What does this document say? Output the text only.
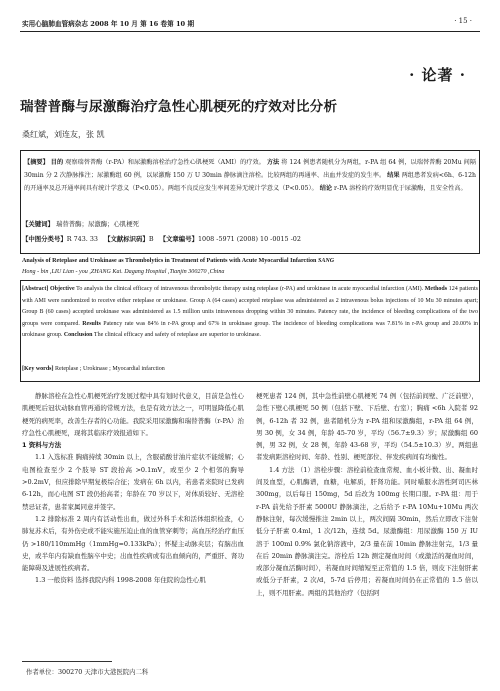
实用心脑肺血管病杂志 2008 年 10 月 第 16 卷第 10 期	· 15 ·
· 论著 ·
瑞替普酶与尿激酶治疗急性心肌梗死的疗效对比分析
桑红斌，刘连友，张 凯
【摘要】 目的 观察瑞替普酶（r-PA）和尿激酶溶栓治疗急性心肌梗死（AMI）的疗效。 方法 将 124 例患者随机分为两组，r-PA 组 64 例，以瑞替普酶 20Mu 间隔 30min 分 2 次静脉推注；尿激酶组 60 例，以尿激酶 150 万 U 30min 静脉滴注溶栓。比较两组的再通率、出血并发症的发生率。 结果 两组患者发病<6h、6-12h 的开通率及总开通率间具有统计学意义（P<0.05）。两组不良反应发生率间差异无统计学意义（P<0.05）。 结论 r-PA 溶栓的疗效明显优于尿激酶，且安全性高。
【关键词】 瑞替普酶；尿激酶；心肌梗死
【中图分类号】R 743. 33 【文献标识码】B 【文章编号】1008 -5971 (2008) 10 -0015 -02
Analysis of Reteplase and Urokinase as Thrombolytics in Treatment of Patients with Acute Myocardial Infarction SANG
Hong - bin ,LIU Lian - you ,ZHANG Kai. Dagang Hospital ,Tianjin 300270 ,China
[Abstract] Objective To analysis the clinical efficacy of intravenous thrombolytic therapy using reteplase (r-PA) and urokinase in acute myocardial infarction (AMI). Methods 124 patients with AMI were randomized to receive either reteplase or urokinase. Group A (64 cases) accepted reteplase was administered as 2 intravenous bolus injections of 10 Mu 30 minutes apart; Group B (60 cases) accepted urokinase was administered as 1.5 million units intravenous dropping within 30 minutes. Patency rate, the incidence of bleeding complications of the two groups were compared. Results Patency rate was 84% in r-PA group and 67% in urokinase group. The incidence of bleeding complications was 7.81% in r-PA group and 20.00% in urokinase group. Conclusion The clinical efficacy and safety of reteplase are superior to urokinase.
[Key words] Reteplase ; Urokinase ; Myocardial infarction

静脉溶栓在急性心肌梗死治疗发展过程中具有划时代意义，目前是急性心肌梗死后冠状动脉血管再通的常规方法，也是有效方法之一，可明显降低心肌梗死的病死率，改善生存者的心功能。我院采用尿激酶和瑞替普酶（r-PA）治疗急性心肌梗死，现将其临床疗效报道如下。

1 资料与方法

1.1 入选标准 胸痛持续 30min 以上，含服硝酸甘油片症状不能缓解；心电图检查至少 2 个肢导 ST 段抬高 >0.1mV，或至少 2 个相邻的胸导 >0.2mV，但应排除早期复极综合征；发病在 6h 以内，若患者来院时已发病 6-12h，而心电图 ST 段仍抬高者；年龄在 70 岁以下，对体质较好、无溶栓禁忌证者，患者家属同意并签字。

1.2 排除标准 2 周内有活动性出血，做过外科手术和活体组织检查，心肺复苏术后，有外伤史或不能实施压迫止血的血管穿刺等；高血压经治疗血压仍 >180/110mmHg（1mmHg=0.133kPa）；怀疑主动脉夹层；有脑出血史，或半年内有缺血性脑卒中史；出血性疾病或有出血倾向的，严重肝、肾功能障碍及进展性疾病者。

1.3 一般资料 选择我院内科 1998-2008 年住院的急性心肌

梗死患者 124 例，其中急性前壁心肌梗死 74 例（包括前间壁、广泛前壁），急性下壁心肌梗死 50 例（包括下壁、下后壁、右室）；胸痛 <6h 入院者 92 例，6-12h 者 32 例，患者随机分为 r-PA 组和尿激酶组，r-PA 组 64 例，男 30 例，女 34 例，年龄 45-70 岁，平均（56.7±9.3）岁；尿激酶组 60 例，男 32 例，女 28 例，年龄 43-68 岁，平均（54.5±10.3）岁。两组患者发病距溶栓时间、年龄、性别、梗死部位、伴发疾病间有均衡性。

1.4 方法 （1）溶栓步骤：溶栓前检查血常规、血小板计数、出、凝血时间及血型，心肌酶谱，血糖，电解质，肝肾功能。同时嚼服水溶性阿司匹林 300mg，以后每日 150mg，5d 后改为 100mg 长期口服。r-PA 组：用于 r-PA 前先给予肝素 5000U 静脉滴注，之后给予 r-PA 10Mu+10Mu 两次静脉注射，每次缓慢推注 2min 以上，两次间隔 30min，然后立即改下注射低分子肝素 0.4ml，1 次/12h，连续 5d。尿激酶组：用尿激酶 150 万 IU 溶于 100ml 0.9% 氯化钠溶液中，2/3 量在前 10min 静脉注射完，1/3 量在后 20min 静脉滴注完。溶栓后 12h 测定凝血时间（或激活的凝血时间，或部分凝血活酶时间），若凝血时间缩短至正常值的 1.5 倍，则皮下注射肝素或低分子肝素，2 次/d，5-7d 后停用；若凝血时间仍在正常值的 1.5 倍以上，则不用肝素。两组的其他治疗（包括阿

作者单位：300270 天津市大港医院内二科
